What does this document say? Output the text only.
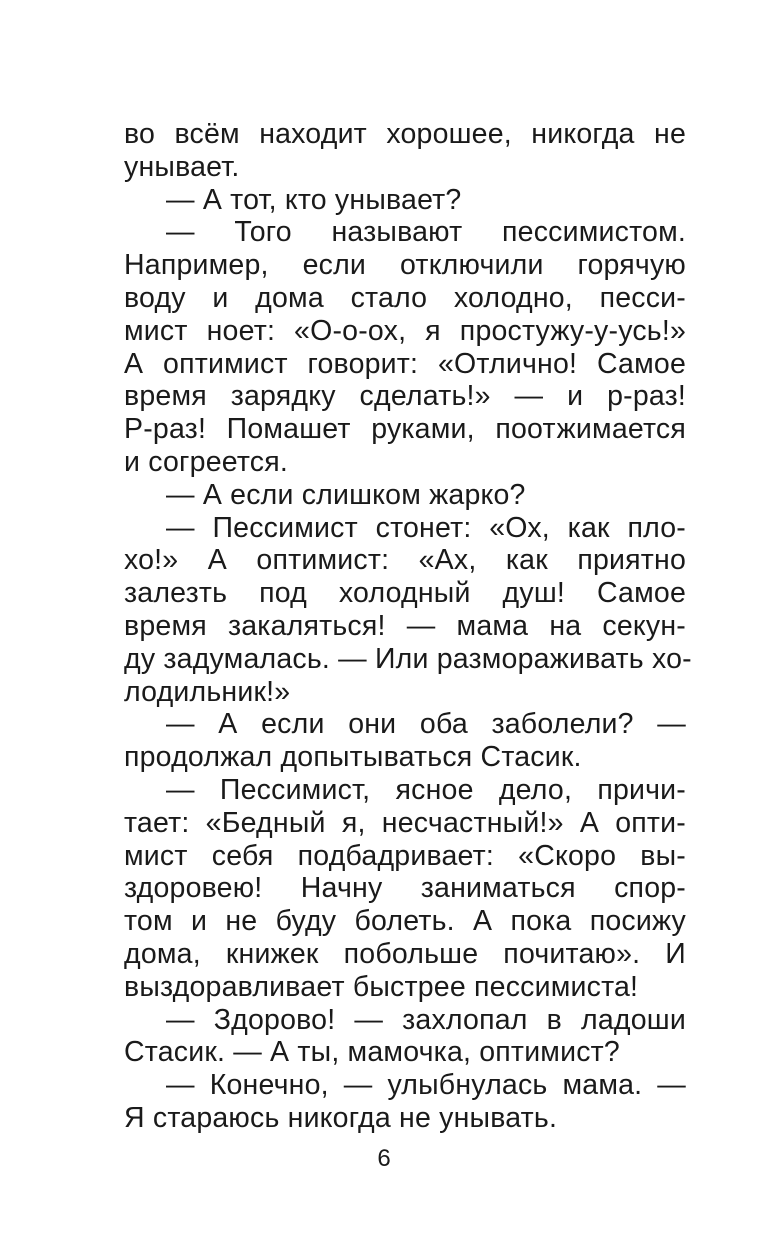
во всём находит хорошее, никогда не
унывает.
— А тот, кто унывает?
— Того называют пессимистом.
Например, если отключили горячую
воду и дома стало холодно, песси-
мист ноет: «О-о-ох, я простужу-у-усь!»
А оптимист говорит: «Отлично! Самое
время зарядку сделать!» — и р-раз!
Р-раз! Помашет руками, поотжимается
и согреется.
— А если слишком жарко?
— Пессимист стонет: «Ох, как пло-
хо!» А оптимист: «Ах, как приятно
залезть под холодный душ! Самое
время закаляться! — мама на секун-
ду задумалась. — Или размораживать хо-
лодильник!»
— А если они оба заболели? —
продолжал допытываться Стасик.
— Пессимист, ясное дело, причи-
тает: «Бедный я, несчастный!» А опти-
мист себя подбадривает: «Скоро вы-
здоровею! Начну заниматься спор-
том и не буду болеть. А пока посижу
дома, книжек побольше почитаю». И
выздоравливает быстрее пессимиста!
— Здорово! — захлопал в ладоши
Стасик. — А ты, мамочка, оптимист?
— Конечно, — улыбнулась мама. —
Я стараюсь никогда не унывать.
6
